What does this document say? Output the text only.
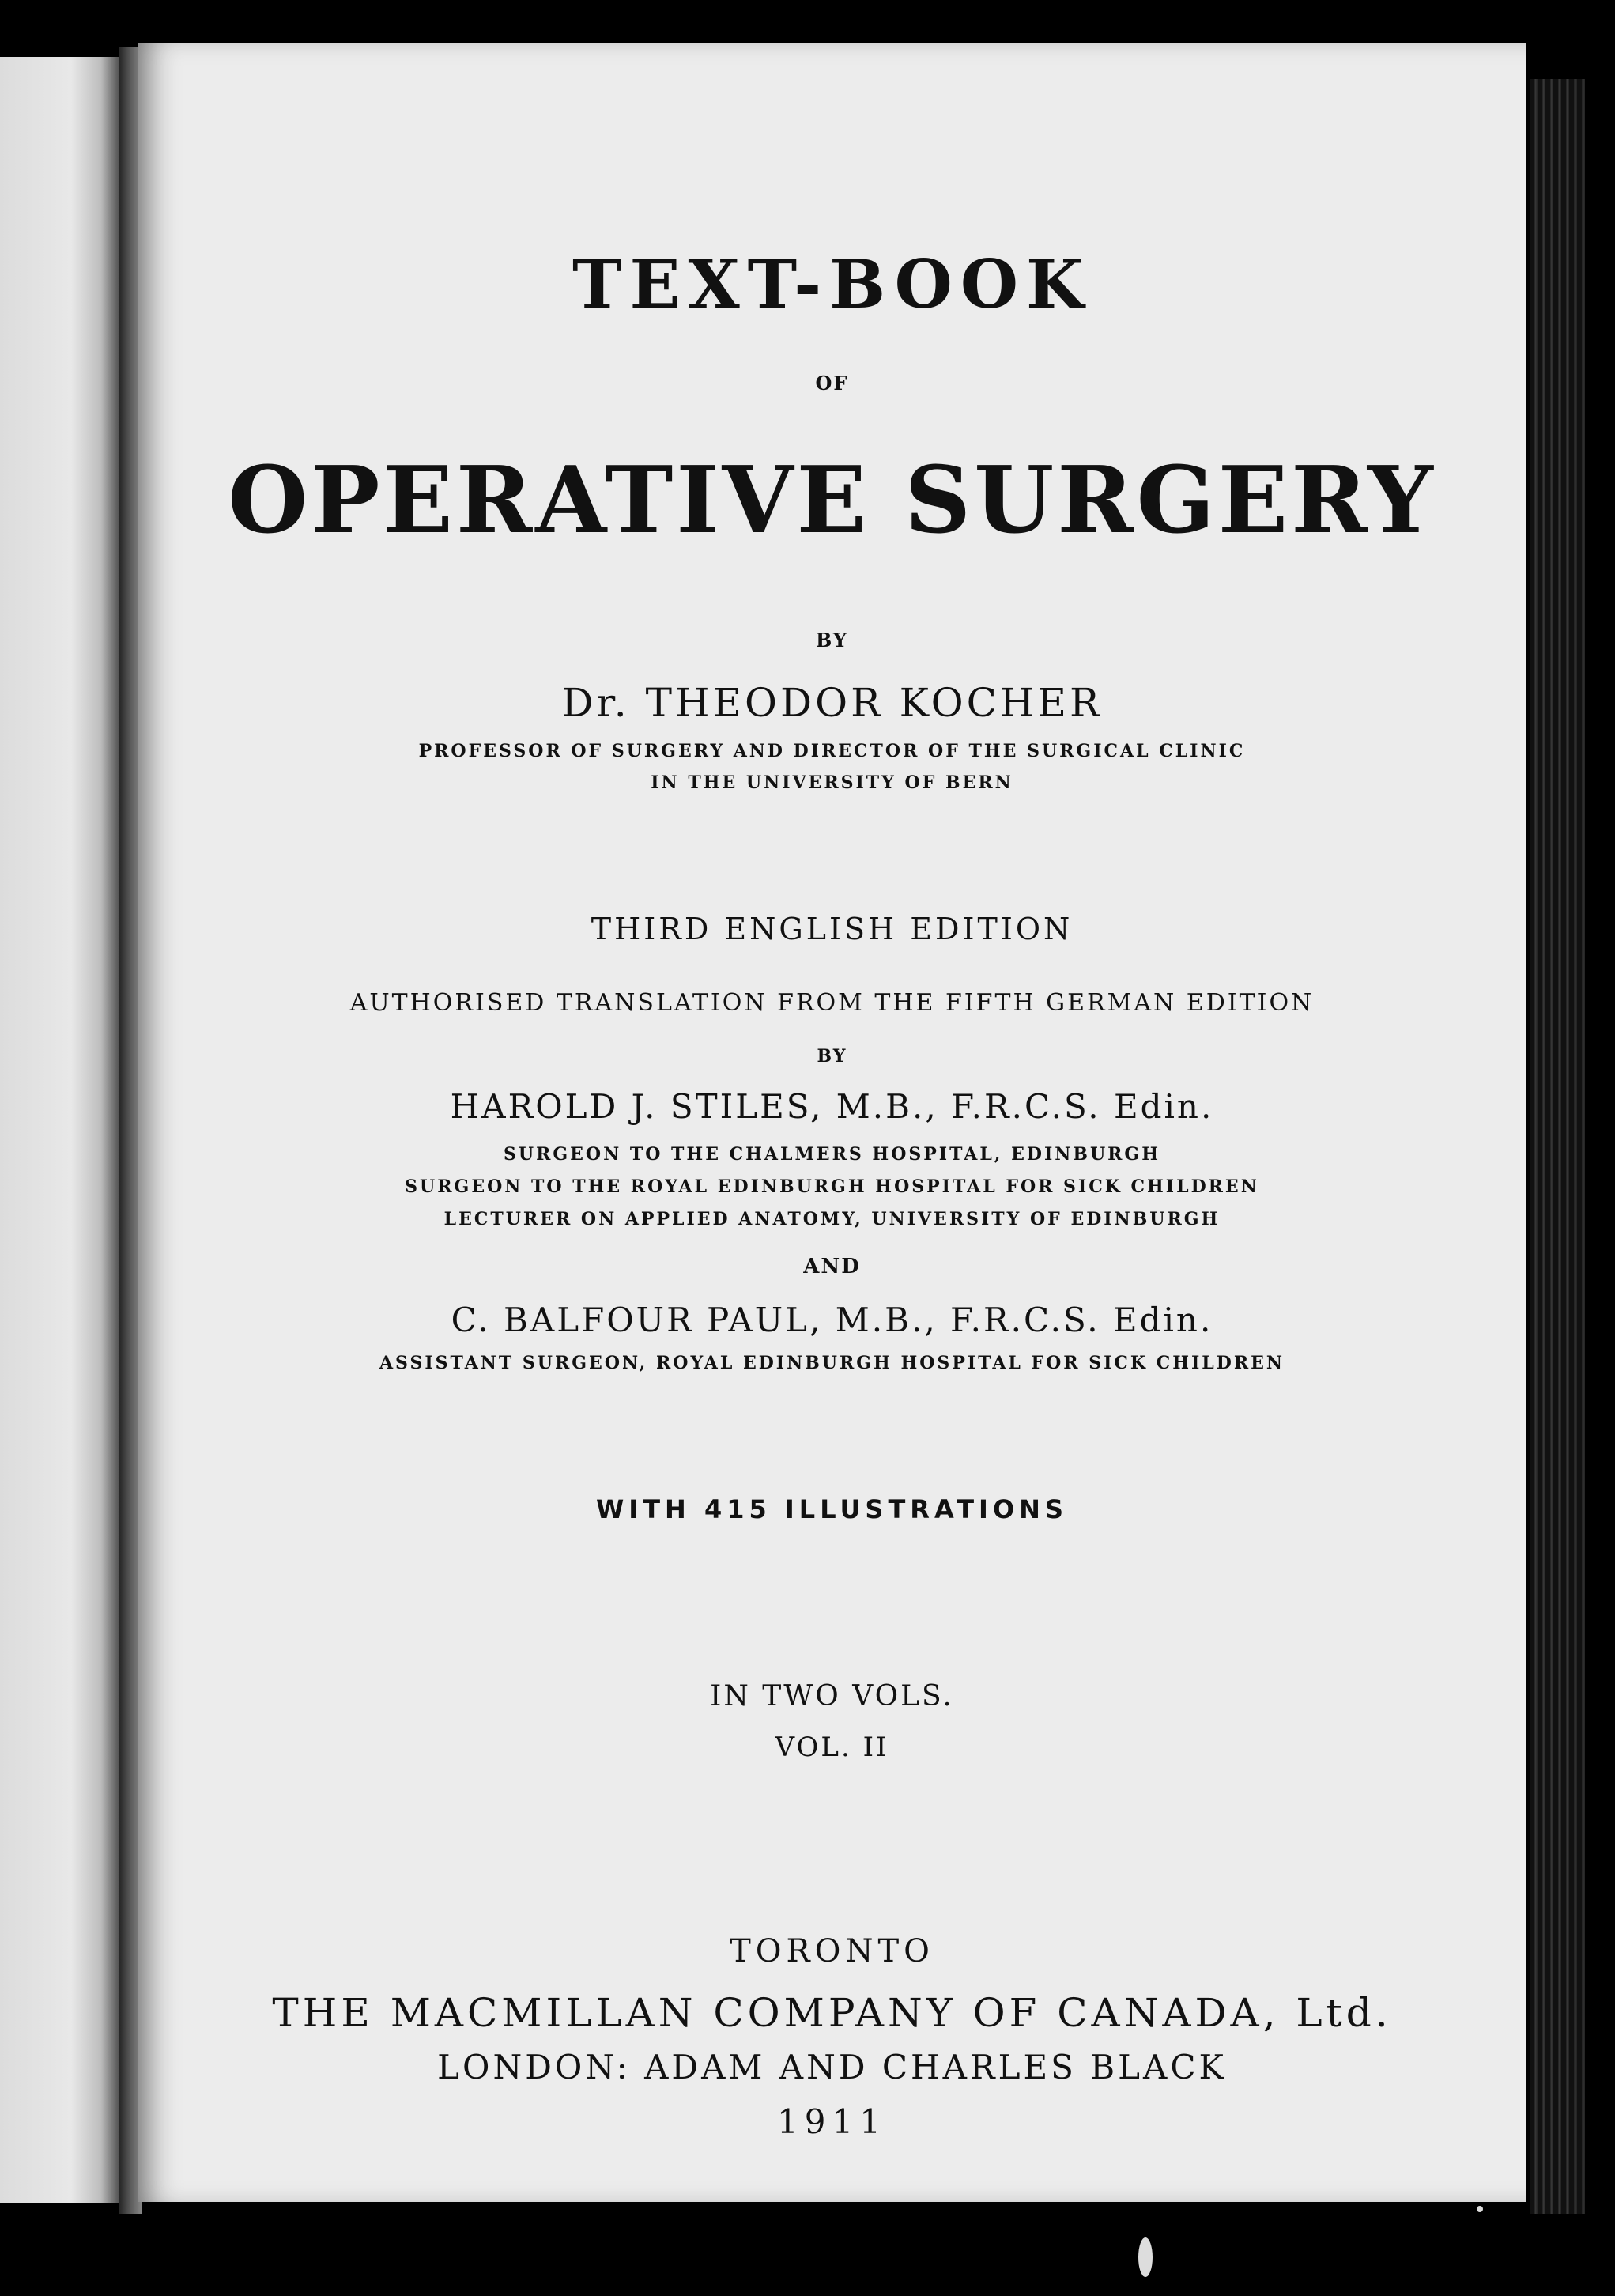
TEXT-BOOK
OF
OPERATIVE SURGERY
BY
Dr. THEODOR KOCHER
PROFESSOR OF SURGERY AND DIRECTOR OF THE SURGICAL CLINIC
IN THE UNIVERSITY OF BERN
THIRD ENGLISH EDITION
AUTHORISED TRANSLATION FROM THE FIFTH GERMAN EDITION
BY
HAROLD J. STILES, M.B., F.R.C.S. Edin.
SURGEON TO THE CHALMERS HOSPITAL, EDINBURGH
SURGEON TO THE ROYAL EDINBURGH HOSPITAL FOR SICK CHILDREN
LECTURER ON APPLIED ANATOMY, UNIVERSITY OF EDINBURGH
AND
C. BALFOUR PAUL, M.B., F.R.C.S. Edin.
ASSISTANT SURGEON, ROYAL EDINBURGH HOSPITAL FOR SICK CHILDREN
WITH 415 ILLUSTRATIONS
IN TWO VOLS.
VOL. II
TORONTO
THE MACMILLAN COMPANY OF CANADA, Ltd.
LONDON: ADAM AND CHARLES BLACK
1911
